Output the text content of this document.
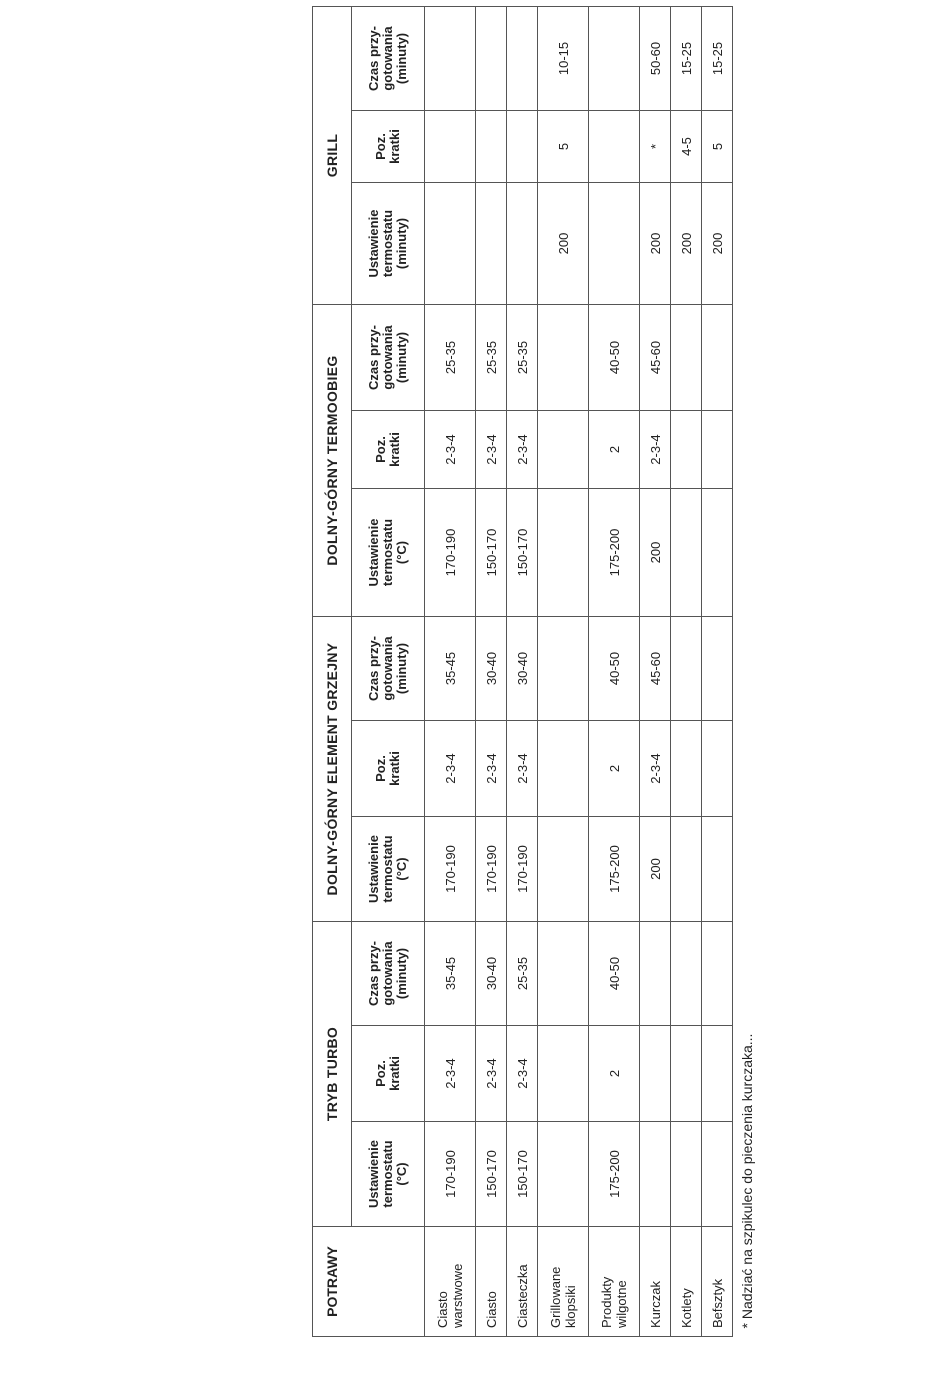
POTRAWY	TRYB TURBO			DOLNY-GÓRNY ELEMENT GRZEJNY			DOLNY-GÓRNY TERMOOBIEG			GRILL		
	Ustawienie
termostatu
(°C)	Poz.
kratki	Czas przy-
gotowania
(minuty)	Ustawienie
termostatu
(°C)	Poz.
kratki	Czas przy-
gotowania
(minuty)	Ustawienie
termostatu
(°C)	Poz.
kratki	Czas przy-
gotowania
(minuty)	Ustawienie
termostatu
(minuty)	Poz.
kratki	Czas przy-
gotowania
(minuty)
Ciasto
warstwowe	170-190	2-3-4	35-45	170-190	2-3-4	35-45	170-190	2-3-4	25-35			
Ciasto	150-170	2-3-4	30-40	170-190	2-3-4	30-40	150-170	2-3-4	25-35			
Ciasteczka	150-170	2-3-4	25-35	170-190	2-3-4	30-40	150-170	2-3-4	25-35			
Grillowane
klopsiki										200	5	10-15
Produkty
wilgotne	175-200	2	40-50	175-200	2	40-50	175-200	2	40-50			
Kurczak				200	2-3-4	45-60	200	2-3-4	45-60	200	*	50-60
Kotlety										200	4-5	15-25
Befsztyk										200	5	15-25
* Nadziać na szpikulec do pieczenia kurczaka...												
